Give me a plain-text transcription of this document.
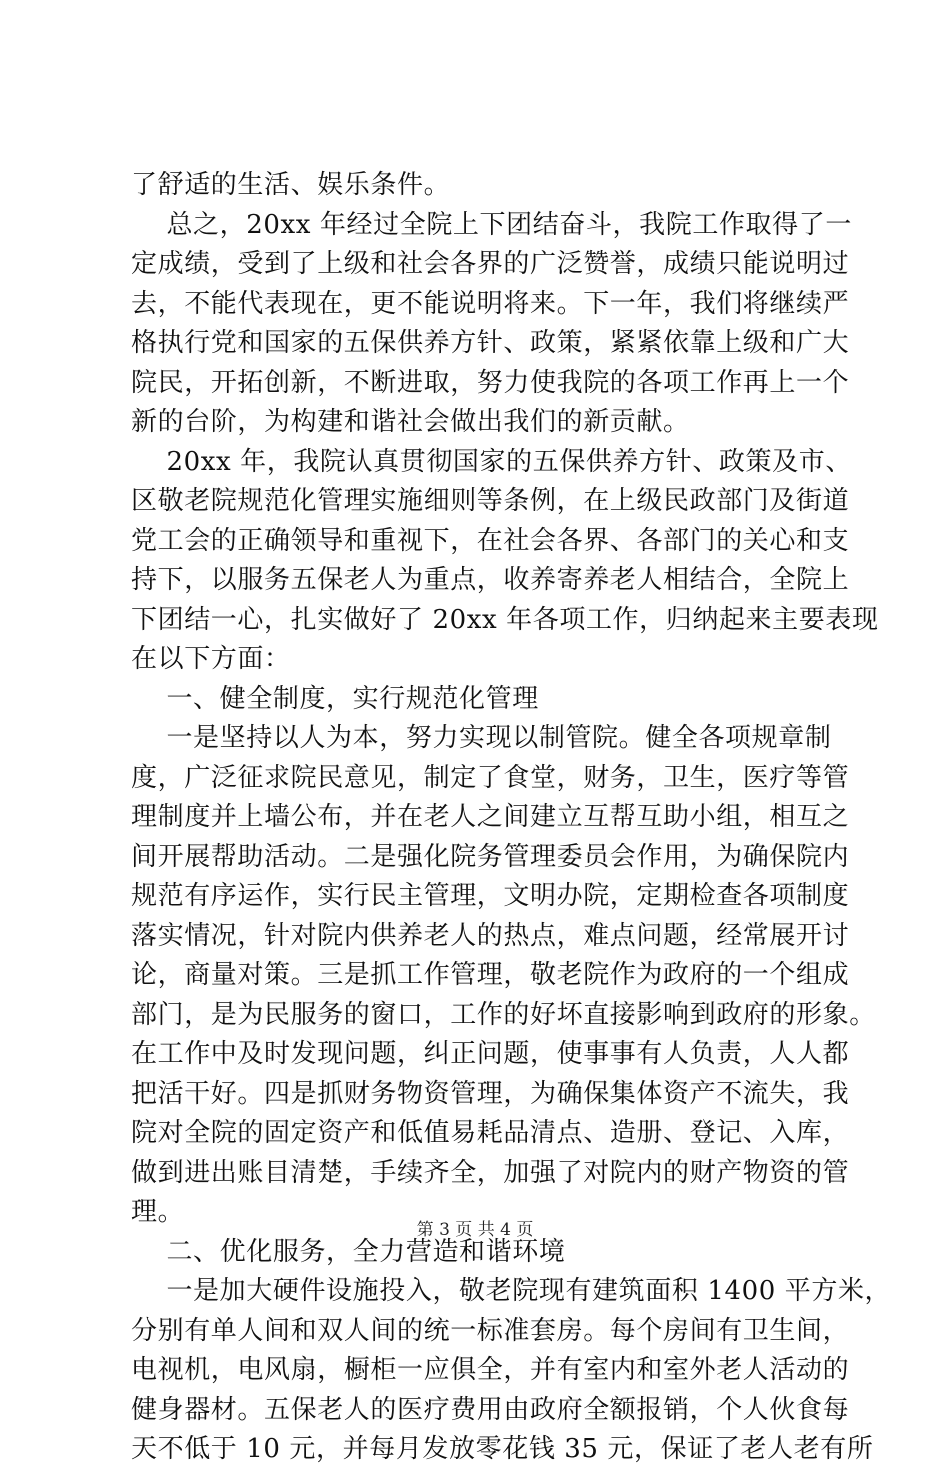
了舒适的生活、娱乐条件。
总之，20xx 年经过全院上下团结奋斗，我院工作取得了一
定成绩，受到了上级和社会各界的广泛赞誉，成绩只能说明过
去，不能代表现在，更不能说明将来。下一年，我们将继续严
格执行党和国家的五保供养方针、政策，紧紧依靠上级和广大
院民，开拓创新，不断进取，努力使我院的各项工作再上一个
新的台阶，为构建和谐社会做出我们的新贡献。
20xx 年，我院认真贯彻国家的五保供养方针、政策及市、
区敬老院规范化管理实施细则等条例，在上级民政部门及街道
党工会的正确领导和重视下，在社会各界、各部门的关心和支
持下，以服务五保老人为重点，收养寄养老人相结合，全院上
下团结一心，扎实做好了 20xx 年各项工作，归纳起来主要表现
在以下方面：
一、健全制度，实行规范化管理
一是坚持以人为本，努力实现以制管院。健全各项规章制
度，广泛征求院民意见，制定了食堂，财务，卫生，医疗等管
理制度并上墙公布，并在老人之间建立互帮互助小组，相互之
间开展帮助活动。二是强化院务管理委员会作用，为确保院内
规范有序运作，实行民主管理，文明办院，定期检查各项制度
落实情况，针对院内供养老人的热点，难点问题，经常展开讨
论，商量对策。三是抓工作管理，敬老院作为政府的一个组成
部门，是为民服务的窗口，工作的好坏直接影响到政府的形象。
在工作中及时发现问题，纠正问题，使事事有人负责，人人都
把活干好。四是抓财务物资管理，为确保集体资产不流失，我
院对全院的固定资产和低值易耗品清点、造册、登记、入库，
做到进出账目清楚，手续齐全，加强了对院内的财产物资的管
理。
二、优化服务，全力营造和谐环境
一是加大硬件设施投入，敬老院现有建筑面积 1400 平方米，
分别有单人间和双人间的统一标准套房。每个房间有卫生间，
电视机，电风扇，橱柜一应俱全，并有室内和室外老人活动的
健身器材。五保老人的医疗费用由政府全额报销，个人伙食每
天不低于 10 元，并每月发放零花钱 35 元，保证了老人老有所
第 3 页 共 4 页
